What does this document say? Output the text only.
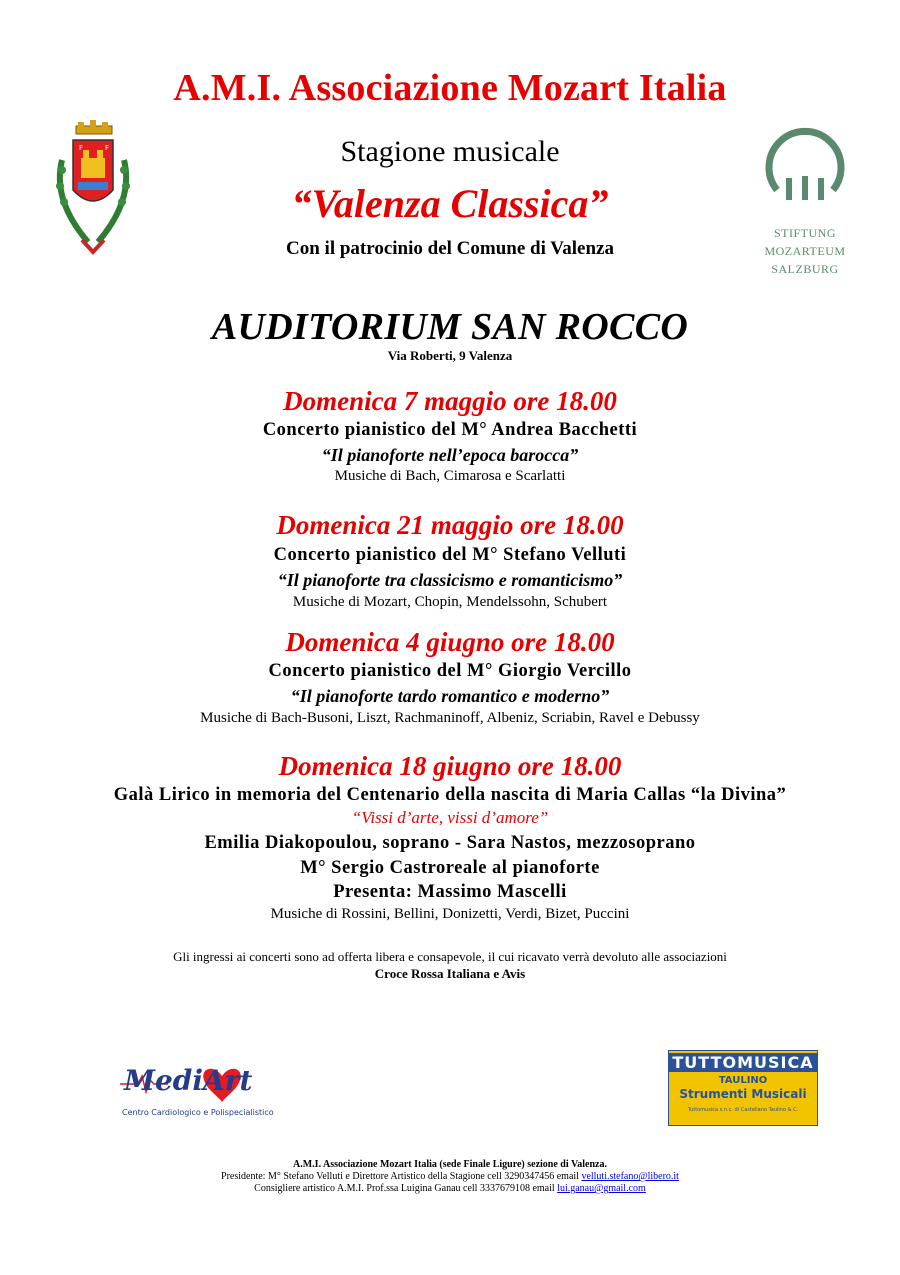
A.M.I. Associazione Mozart Italia
F	F
STIFTUNG
MOZARTEUM
SALZBURG
Stagione musicale
“Valenza Classica”
Con il patrocinio del Comune di Valenza
AUDITORIUM SAN ROCCO
Via Roberti, 9 Valenza
Domenica 7 maggio ore 18.00
Concerto pianistico del M° Andrea Bacchetti
“Il pianoforte nell’epoca barocca”
Musiche di Bach, Cimarosa e Scarlatti
Domenica 21 maggio ore 18.00
Concerto pianistico del M° Stefano Velluti
“Il pianoforte tra classicismo e romanticismo”
Musiche di Mozart, Chopin, Mendelssohn, Schubert
Domenica 4 giugno ore 18.00
Concerto pianistico del M° Giorgio Vercillo
“Il pianoforte tardo romantico e moderno”
Musiche di Bach-Busoni, Liszt, Rachmaninoff, Albeniz, Scriabin, Ravel e Debussy
Domenica 18 giugno ore 18.00
Galà Lirico in memoria del Centenario della nascita di Maria Callas “la Divina”
“Vissi d’arte, vissi d’amore”
Emilia Diakopoulou, soprano - Sara Nastos, mezzosoprano
M° Sergio Castroreale al pianoforte
Presenta: Massimo Mascelli
Musiche di Rossini, Bellini, Donizetti, Verdi, Bizet, Puccini
Gli ingressi ai concerti sono ad offerta libera e consapevole, il cui ricavato verrà devoluto alle associazioni
Croce Rossa Italiana e Avis
MediArt
Centro Cardiologico e Polispecialistico
TUTTOMUSICA
TAULINO
Strumenti Musicali
Tuttomusica s.n.c. di Castellano Taulino & C.
A.M.I. Associazione Mozart Italia (sede Finale Ligure) sezione di Valenza.
Presidente: M° Stefano Velluti e Direttore Artistico della Stagione cell 3290347456 email velluti.stefano@libero.it
Consigliere artistico A.M.I. Prof.ssa Luigina Ganau cell 3337679108 email lui.ganau@gmail.com
